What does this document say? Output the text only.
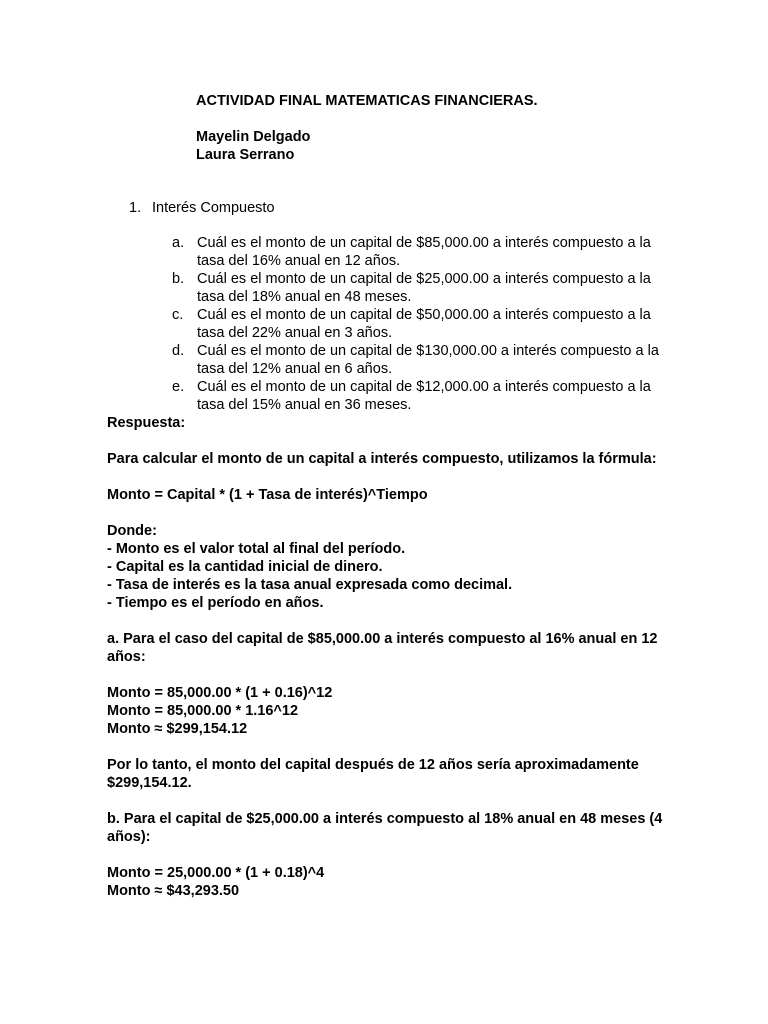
ACTIVIDAD FINAL MATEMATICAS FINANCIERAS.
Mayelin Delgado
Laura Serrano
1. Interés Compuesto
a. Cuál es el monto de un capital de $85,000.00 a interés compuesto a la tasa del 16% anual en 12 años.
b. Cuál es el monto de un capital de $25,000.00 a interés compuesto a la tasa del 18% anual en 48 meses.
c. Cuál es el monto de un capital de $50,000.00 a interés compuesto a la tasa del 22% anual en 3 años.
d. Cuál es el monto de un capital de $130,000.00 a interés compuesto a la tasa del 12% anual en 6 años.
e. Cuál es el monto de un capital de $12,000.00 a interés compuesto a la tasa del 15% anual en 36 meses.
Respuesta:
Para calcular el monto de un capital a interés compuesto, utilizamos la fórmula:
Monto = Capital * (1 + Tasa de interés)^Tiempo
Donde:
- Monto es el valor total al final del período.
- Capital es la cantidad inicial de dinero.
- Tasa de interés es la tasa anual expresada como decimal.
- Tiempo es el período en años.
a. Para el caso del capital de $85,000.00 a interés compuesto al 16% anual en 12 años:
Monto = 85,000.00 * (1 + 0.16)^12
Monto = 85,000.00 * 1.16^12
Monto ≈ $299,154.12
Por lo tanto, el monto del capital después de 12 años sería aproximadamente $299,154.12.
b. Para el capital de $25,000.00 a interés compuesto al 18% anual en 48 meses (4 años):
Monto = 25,000.00 * (1 + 0.18)^4
Monto ≈ $43,293.50
